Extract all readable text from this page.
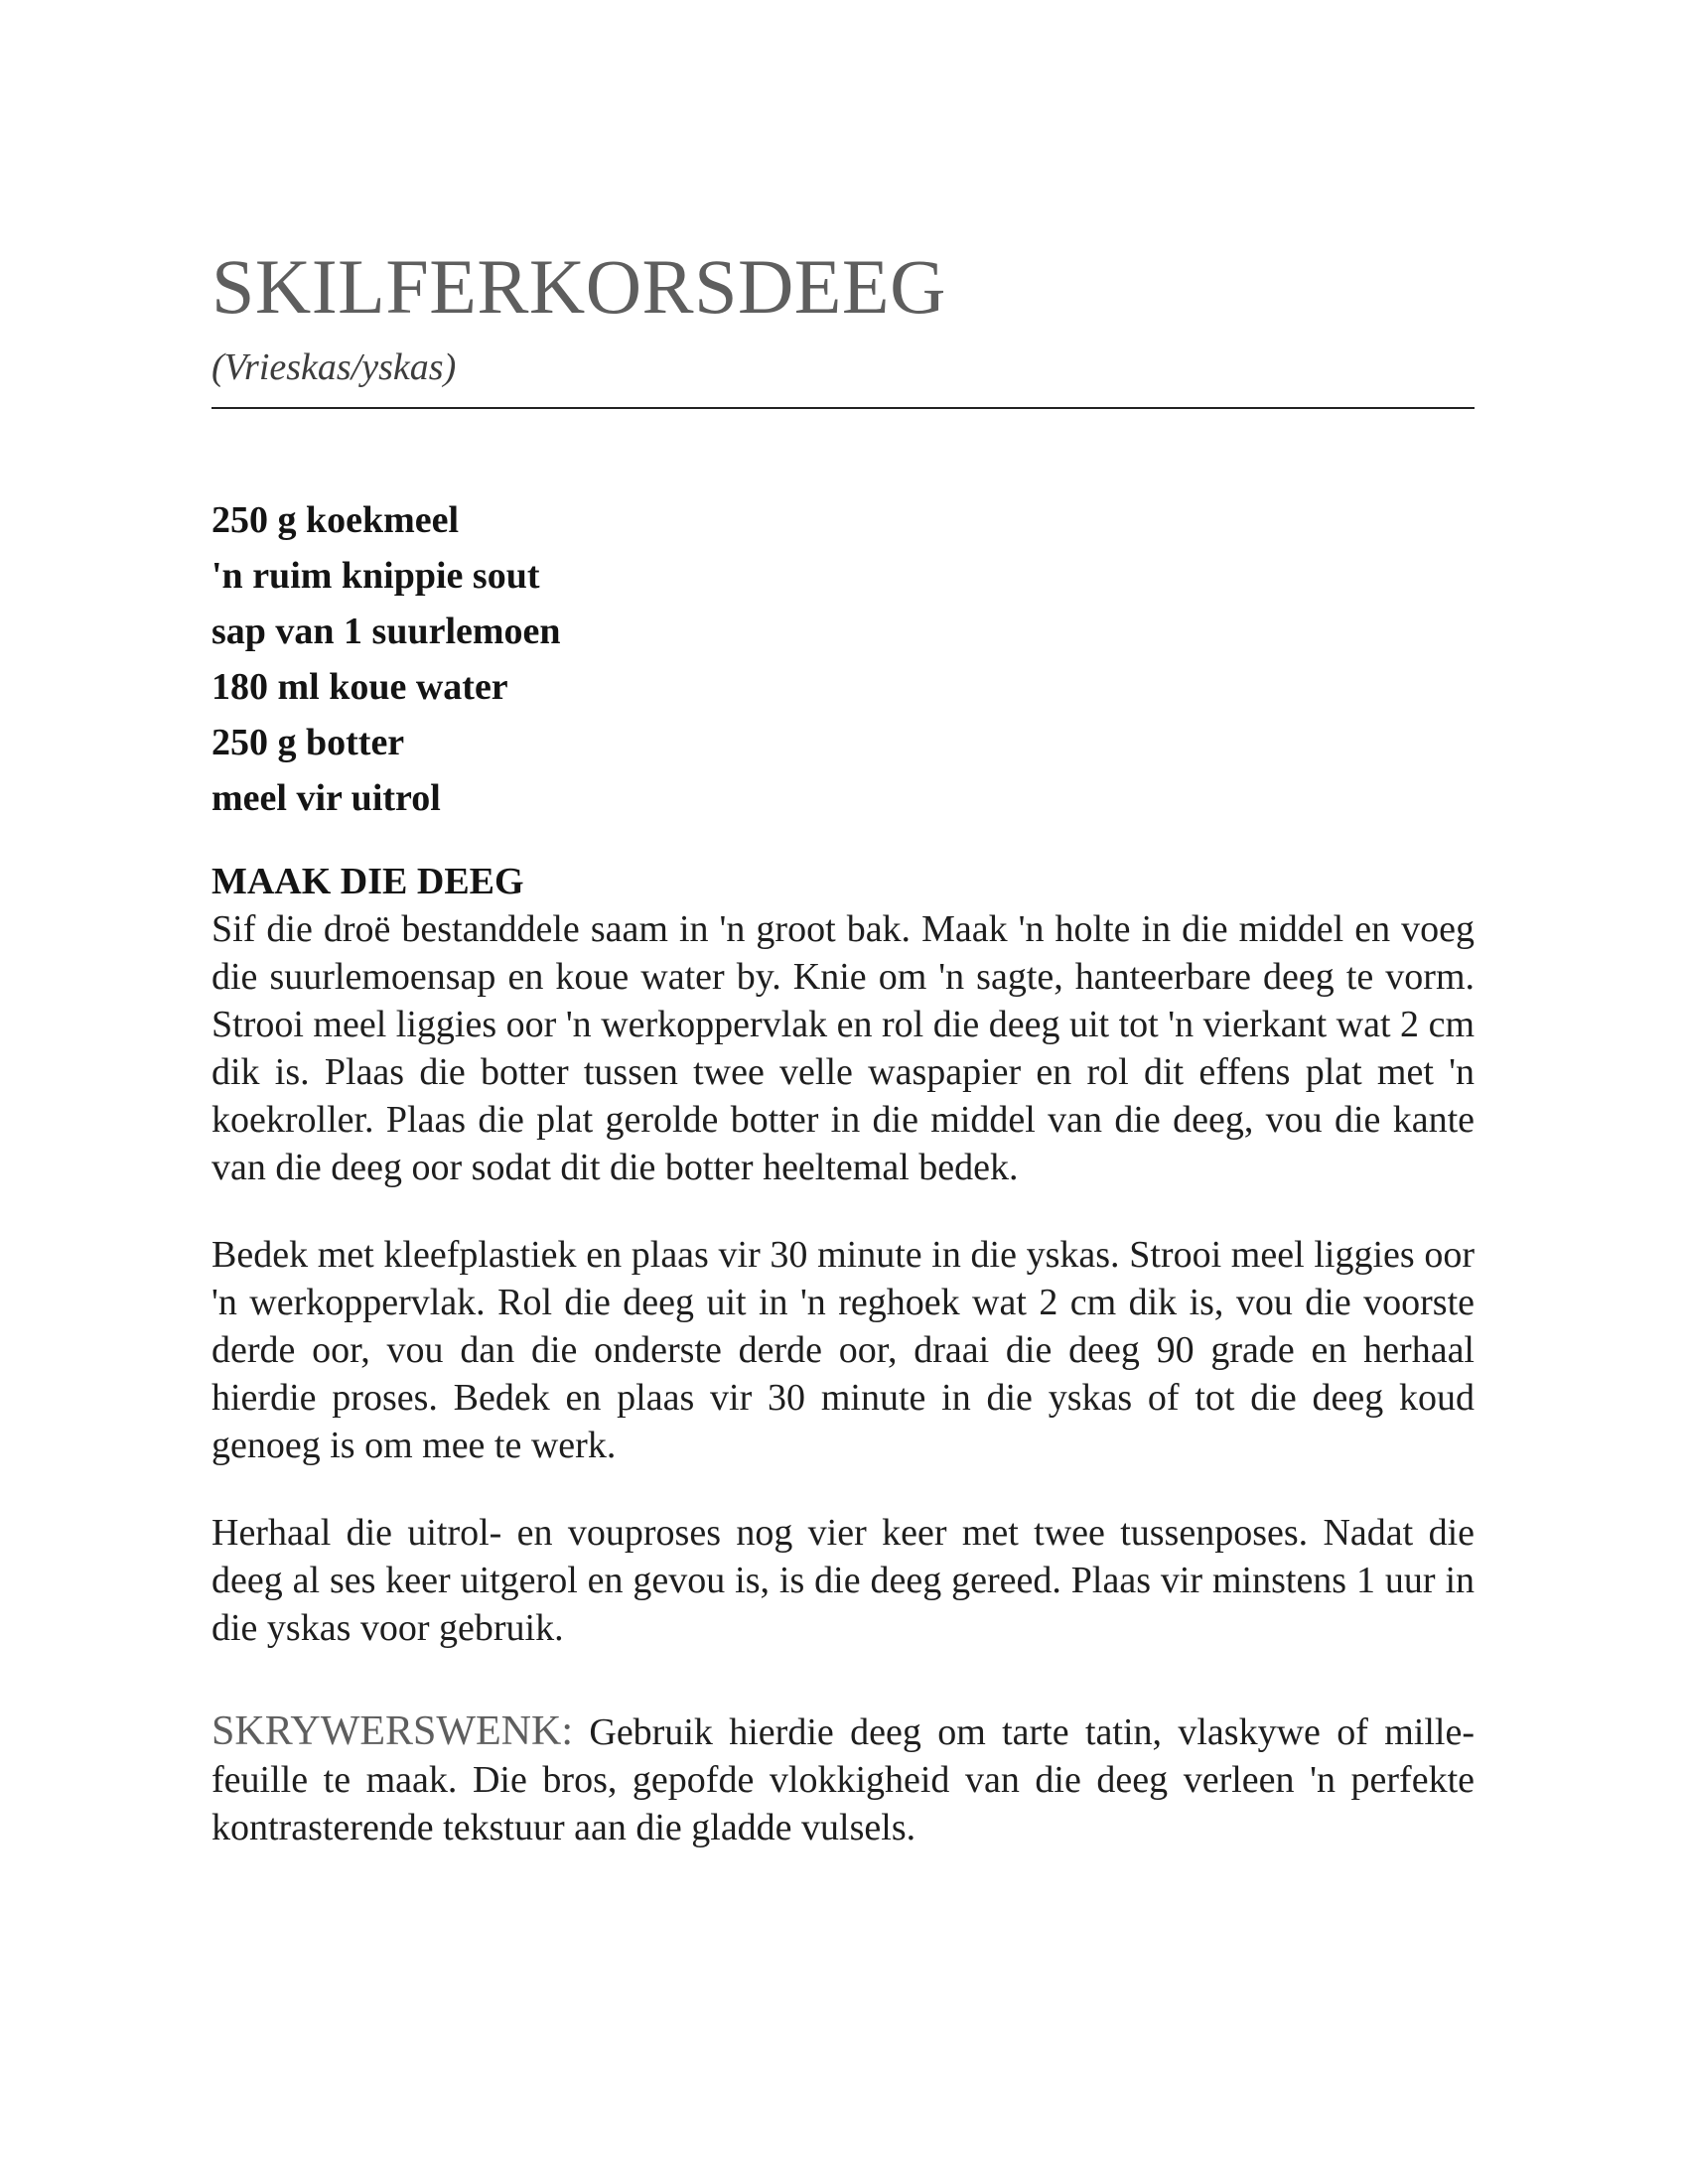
SKILFERKORSDEEG
(Vrieskas/yskas)
250 g koekmeel
'n ruim knippie sout
sap van 1 suurlemoen
180 ml koue water
250 g botter
meel vir uitrol
MAAK DIE DEEG

Sif die droë bestanddele saam in 'n groot bak. Maak 'n holte in die middel en voeg die suurlemoensap en koue water by. Knie om 'n sagte, hanteerbare deeg te vorm. Strooi meel liggies oor 'n werkoppervlak en rol die deeg uit tot 'n vierkant wat 2 cm dik is. Plaas die botter tussen twee velle waspapier en rol dit effens plat met 'n koekroller. Plaas die plat gerolde botter in die middel van die deeg, vou die kante van die deeg oor sodat dit die botter heeltemal bedek.

Bedek met kleefplastiek en plaas vir 30 minute in die yskas. Strooi meel liggies oor 'n werkoppervlak. Rol die deeg uit in 'n reghoek wat 2 cm dik is, vou die voorste derde oor, vou dan die onderste derde oor, draai die deeg 90 grade en herhaal hierdie proses. Bedek en plaas vir 30 minute in die yskas of tot die deeg koud genoeg is om mee te werk.

Herhaal die uitrol- en vouproses nog vier keer met twee tussenposes. Nadat die deeg al ses keer uitgerol en gevou is, is die deeg gereed. Plaas vir minstens 1 uur in die yskas voor gebruik.

SKRYWERSWENK: Gebruik hierdie deeg om tarte tatin, vlaskywe of mille-feuille te maak. Die bros, gepofde vlokkigheid van die deeg verleen 'n perfekte kontrasterende tekstuur aan die gladde vulsels.
